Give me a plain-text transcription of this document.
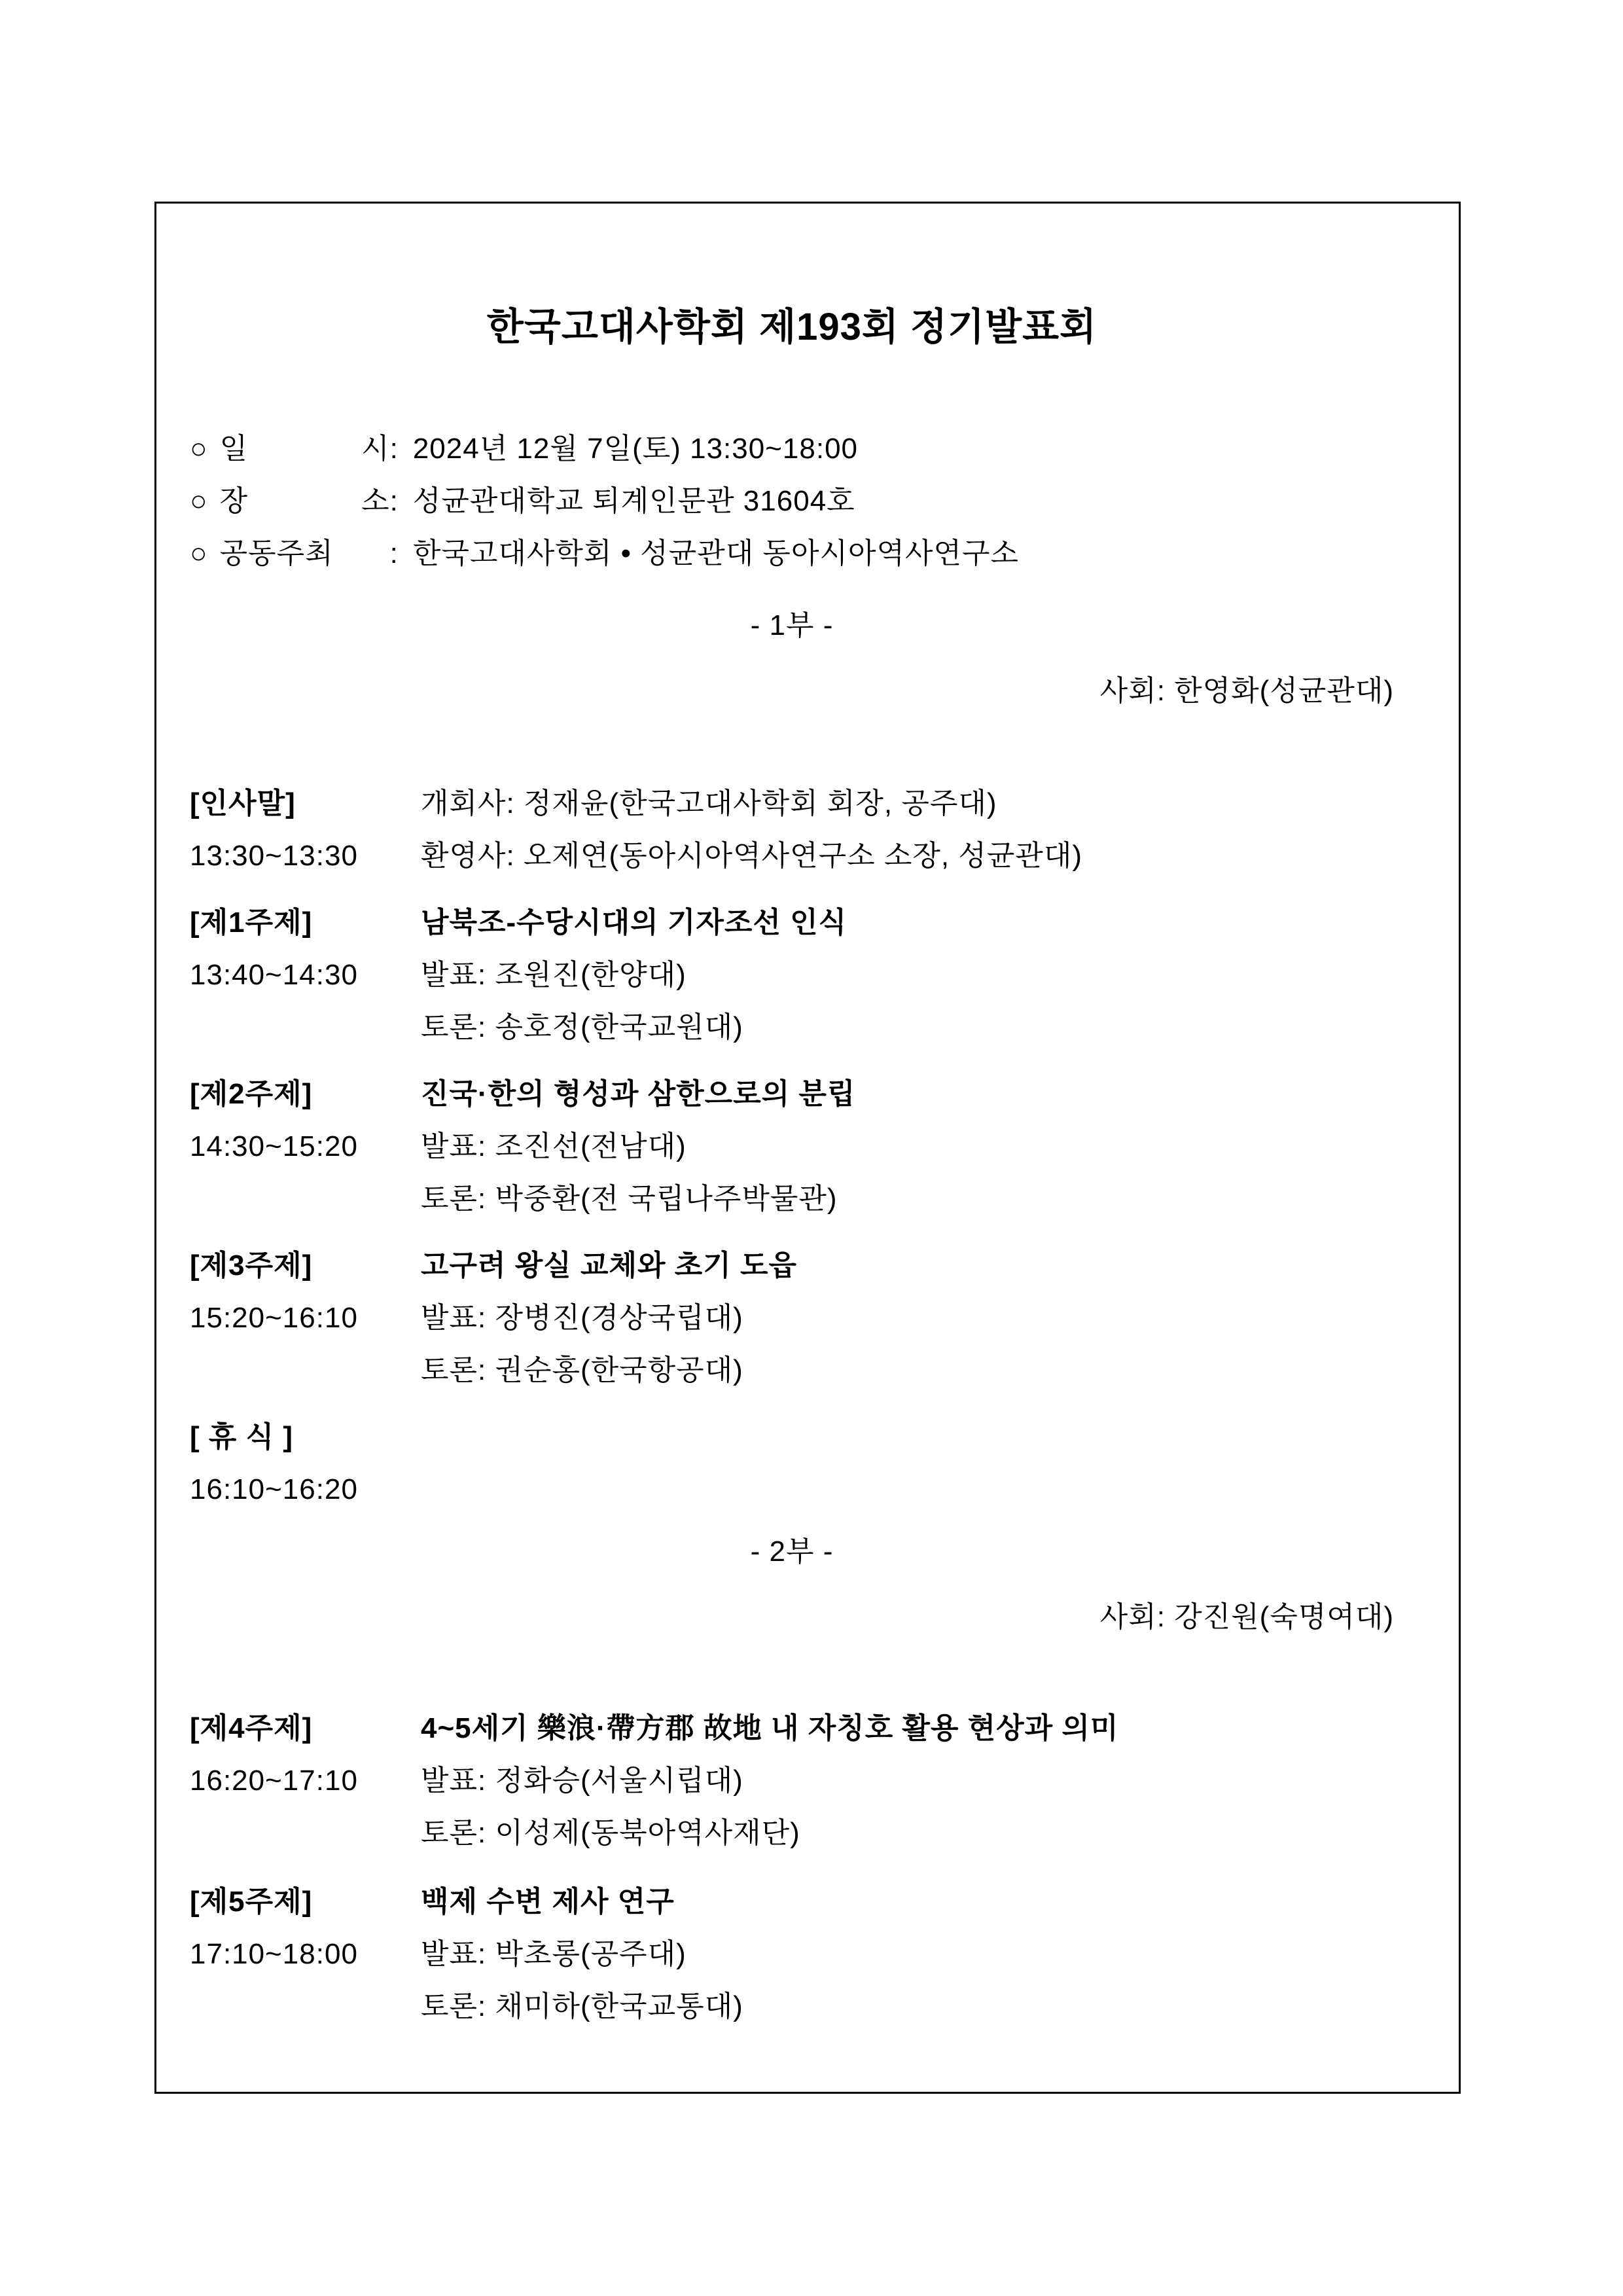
한국고대사학회 제193회 정기발표회
○ 일	시 : 2024년 12월 7일(토) 13:30~18:00
○ 장	소 : 성균관대학교 퇴계인문관 31604호
○ 공동주최 : 한국고대사학회 • 성균관대 동아시아역사연구소
- 1부 -
사회: 한영화(성균관대)
[인사말]	개회사: 정재윤(한국고대사학회 회장, 공주대)
13:30~13:30	환영사: 오제연(동아시아역사연구소 소장, 성균관대)
[제1주제]	남북조-수당시대의 기자조선 인식
13:40~14:30	발표: 조원진(한양대)
토론: 송호정(한국교원대)
[제2주제]	진국·한의 형성과 삼한으로의 분립
14:30~15:20	발표: 조진선(전남대)
토론: 박중환(전 국립나주박물관)
[제3주제]	고구려 왕실 교체와 초기 도읍
15:20~16:10	발표: 장병진(경상국립대)
토론: 권순홍(한국항공대)
[ 휴 식 ]
16:10~16:20
- 2부 -
사회: 강진원(숙명여대)
[제4주제]	4~5세기 樂浪·帶方郡 故地 내 자칭호 활용 현상과 의미
16:20~17:10	발표: 정화승(서울시립대)
토론: 이성제(동북아역사재단)
[제5주제]	백제 수변 제사 연구
17:10~18:00	발표: 박초롱(공주대)
토론: 채미하(한국교통대)
